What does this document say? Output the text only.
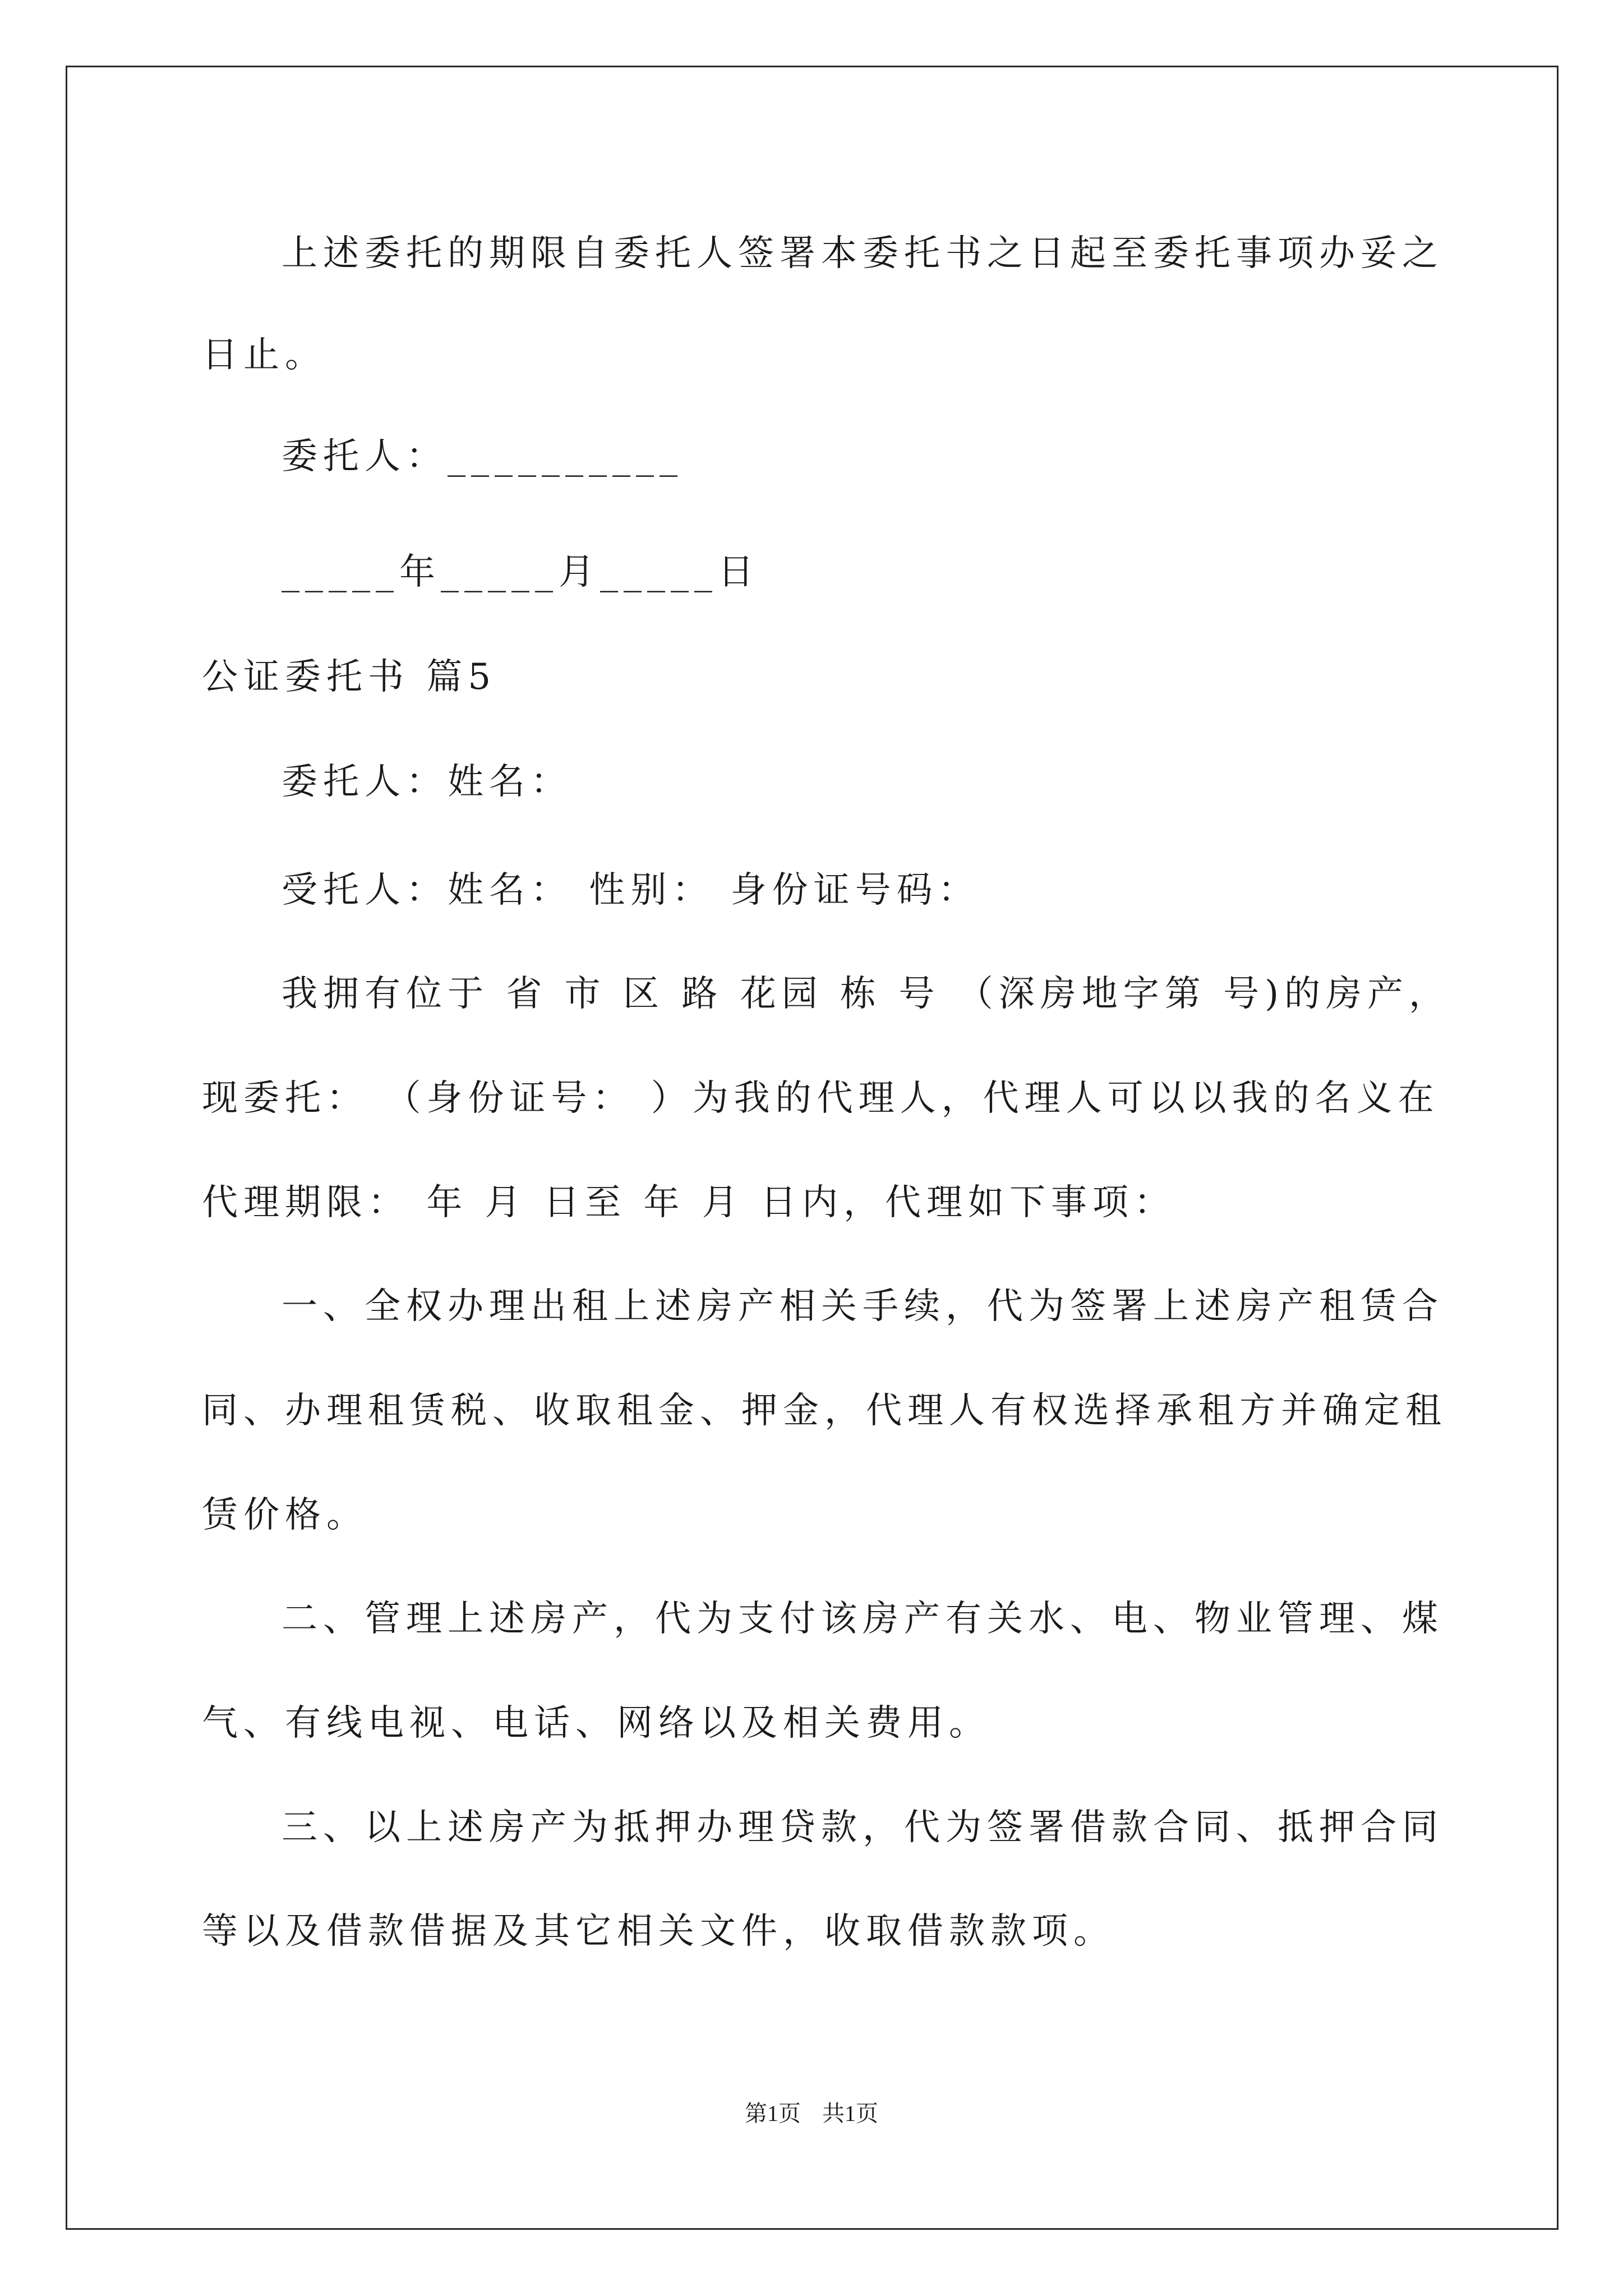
上述委托的期限自委托人签署本委托书之日起至委托事项办妥之
日止。
委托人：__________
_____年_____月_____日
公证委托书 篇5
委托人：姓名：
受托人：姓名： 性别： 身份证号码：
我拥有位于 省 市 区 路 花园 栋 号 （深房地字第 号)的房产，
现委托： （身份证号： ）为我的代理人，代理人可以以我的名义在
代理期限： 年 月 日至 年 月 日内，代理如下事项：
一、全权办理出租上述房产相关手续，代为签署上述房产租赁合
同、办理租赁税、收取租金、押金，代理人有权选择承租方并确定租
赁价格。
二、管理上述房产，代为支付该房产有关水、电、物业管理、煤
气、有线电视、电话、网络以及相关费用。
三、以上述房产为抵押办理贷款，代为签署借款合同、抵押合同
等以及借款借据及其它相关文件，收取借款款项。
第1页 共1页
